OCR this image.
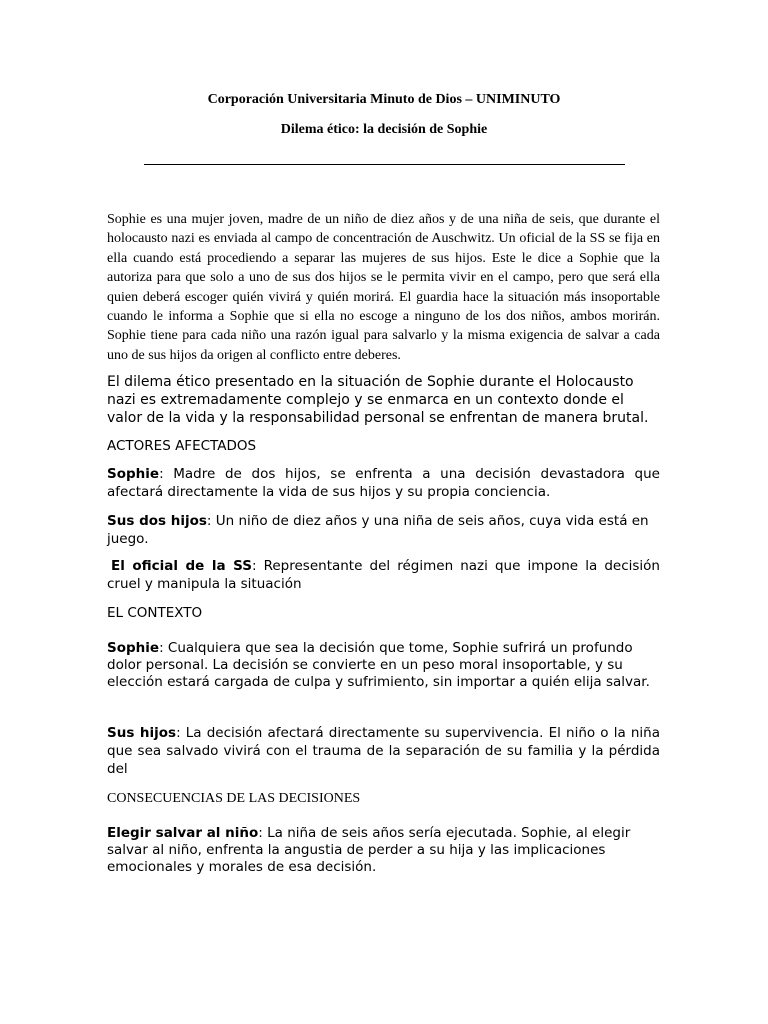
Corporación Universitaria Minuto de Dios – UNIMINUTO
Dilema ético: la decisión de Sophie

Sophie es una mujer joven, madre de un niño de diez años y de una niña de seis, que durante el holocausto nazi es enviada al campo de concentración de Auschwitz. Un oficial de la SS se fija en ella cuando está procediendo a separar las mujeres de sus hijos. Este le dice a Sophie que la autoriza para que solo a uno de sus dos hijos se le permita vivir en el campo, pero que será ella quien deberá escoger quién vivirá y quién morirá. El guardia hace la situación más insoportable cuando le informa a Sophie que si ella no escoge a ninguno de los dos niños, ambos morirán. Sophie tiene para cada niño una razón igual para salvarlo y la misma exigencia de salvar a cada uno de sus hijos da origen al conflicto entre deberes.

El dilema ético presentado en la situación de Sophie durante el Holocausto nazi es extremadamente complejo y se enmarca en un contexto donde el valor de la vida y la responsabilidad personal se enfrentan de manera brutal.

ACTORES AFECTADOS

Sophie: Madre de dos hijos, se enfrenta a una decisión devastadora que afectará directamente la vida de sus hijos y su propia conciencia.

Sus dos hijos: Un niño de diez años y una niña de seis años, cuya vida está en juego.

El oficial de la SS: Representante del régimen nazi que impone la decisión cruel y manipula la situación

EL CONTEXTO

Sophie: Cualquiera que sea la decisión que tome, Sophie sufrirá un profundo dolor personal. La decisión se convierte en un peso moral insoportable, y su elección estará cargada de culpa y sufrimiento, sin importar a quién elija salvar.

Sus hijos: La decisión afectará directamente su supervivencia. El niño o la niña que sea salvado vivirá con el trauma de la separación de su familia y la pérdida del

CONSECUENCIAS DE LAS DECISIONES

Elegir salvar al niño: La niña de seis años sería ejecutada. Sophie, al elegir salvar al niño, enfrenta la angustia de perder a su hija y las implicaciones emocionales y morales de esa decisión.
